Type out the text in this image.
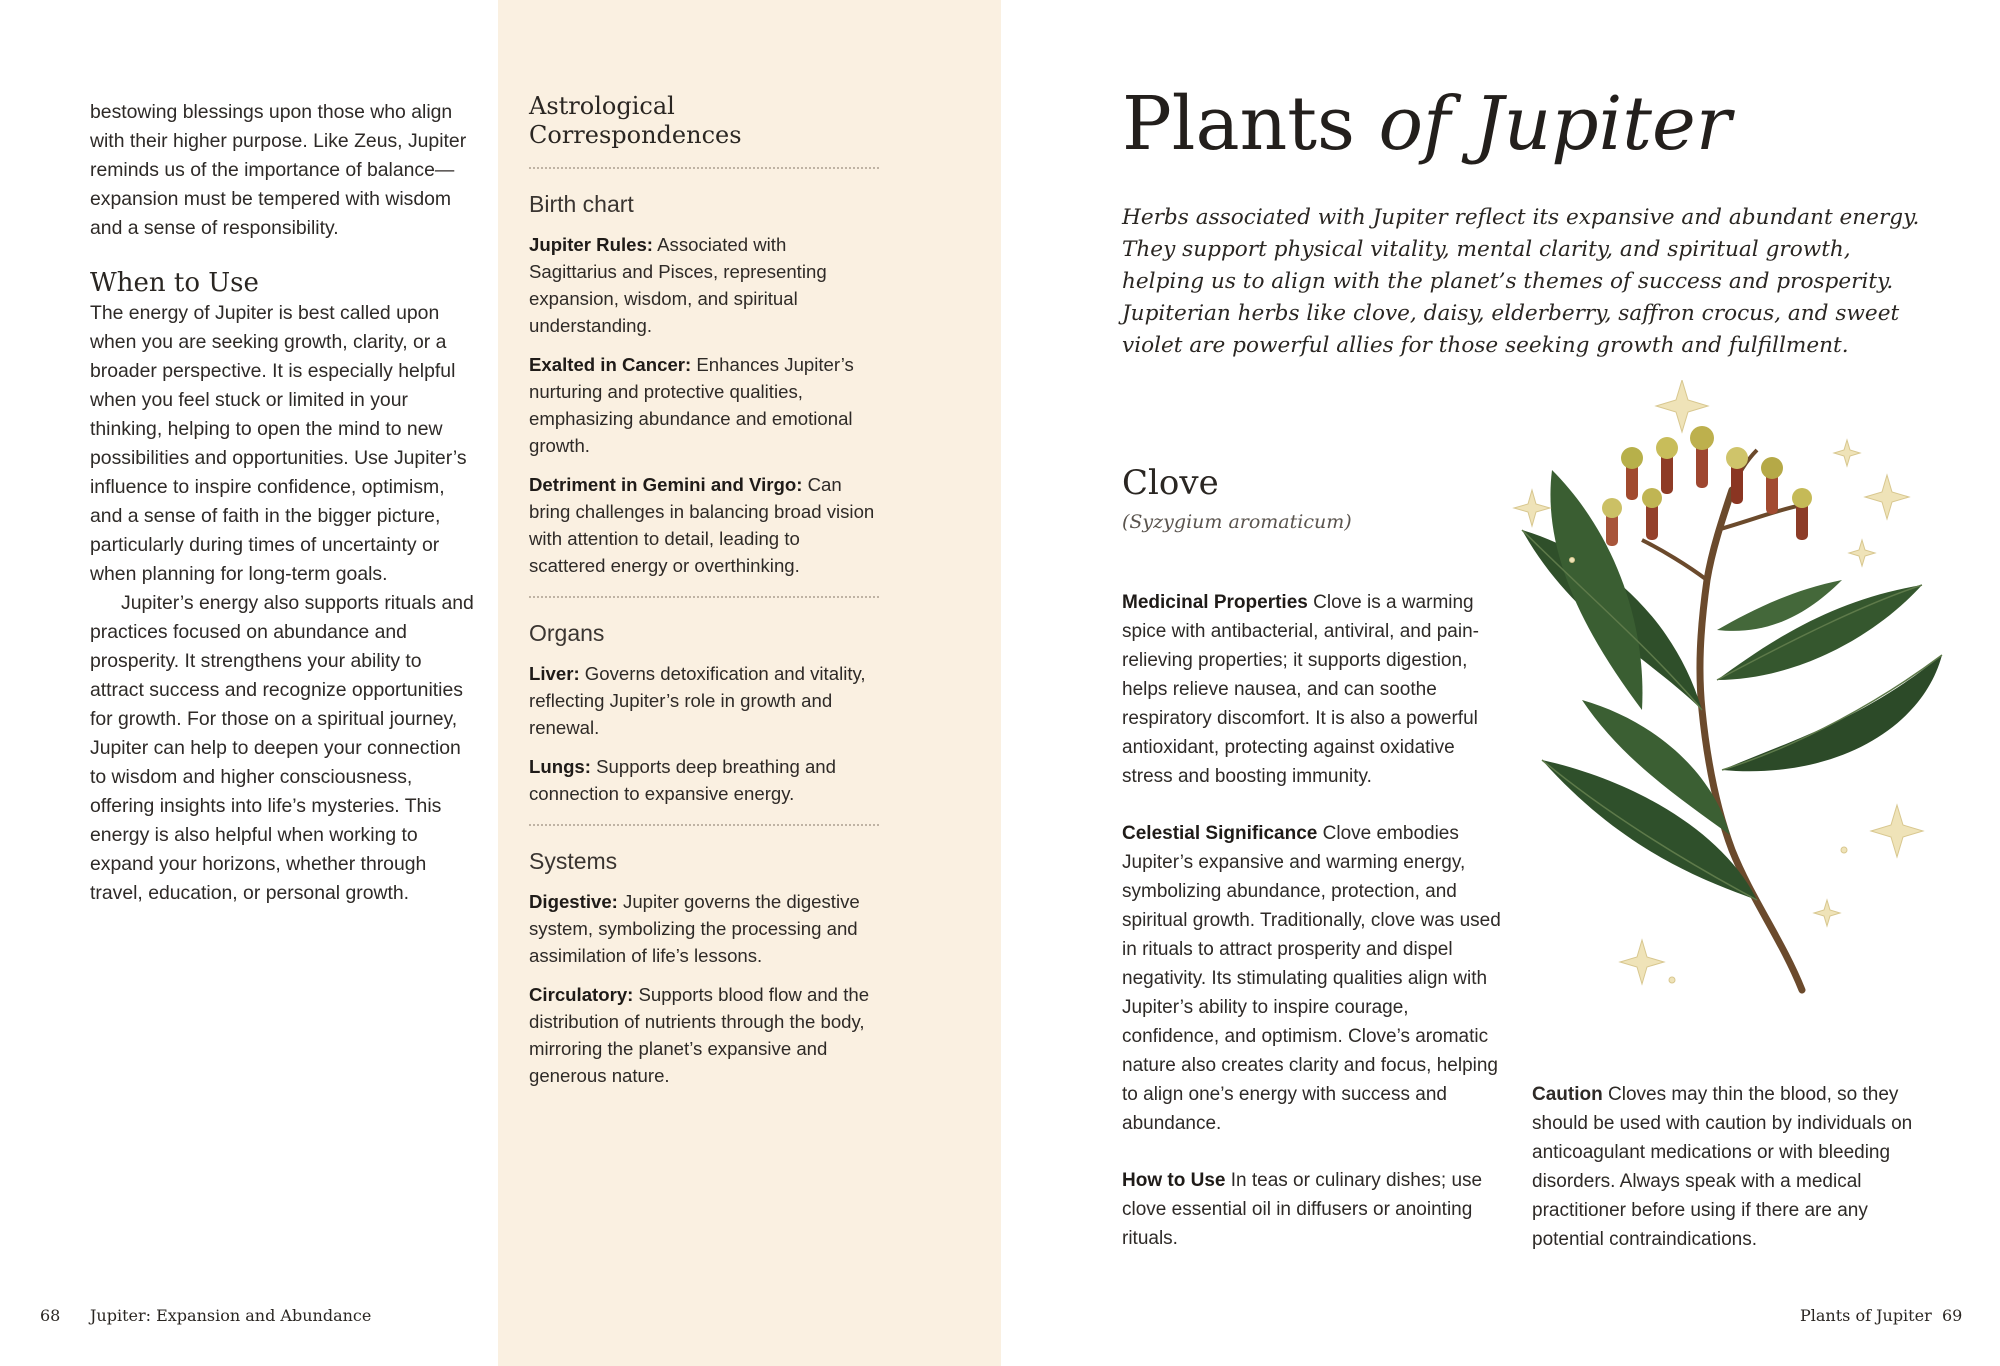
bestowing blessings upon those who align with their higher purpose. Like Zeus, Jupiter reminds us of the importance of balance—expansion must be tempered with wisdom and a sense of responsibility.

When to Use

The energy of Jupiter is best called upon when you are seeking growth, clarity, or a broader perspective. It is especially helpful when you feel stuck or limited in your thinking, helping to open the mind to new possibilities and opportunities. Use Jupiter’s influence to inspire confidence, optimism, and a sense of faith in the bigger picture, particularly during times of uncertainty or when planning for long-term goals.

Jupiter’s energy also supports rituals and practices focused on abundance and prosperity. It strengthens your ability to attract success and recognize opportunities for growth. For those on a spiritual journey, Jupiter can help to deepen your connection to wisdom and higher consciousness, offering insights into life’s mysteries. This energy is also helpful when working to expand your horizons, whether through travel, education, or personal growth.

Astrological
Correspondences
Birth chart

Jupiter Rules: Associated with Sagittarius and Pisces, representing expansion, wisdom, and spiritual understanding.

Exalted in Cancer: Enhances Jupiter’s nurturing and protective qualities, emphasizing abundance and emotional growth.

Detriment in Gemini and Virgo: Can bring challenges in balancing broad vision with attention to detail, leading to scattered energy or overthinking.

Organs

Liver: Governs detoxification and vitality, reflecting Jupiter’s role in growth and renewal.

Lungs: Supports deep breathing and connection to expansive energy.

Systems

Digestive: Jupiter governs the digestive system, symbolizing the processing and assimilation of life’s lessons.

Circulatory: Supports blood flow and the distribution of nutrients through the body, mirroring the planet’s expansive and generous nature.

Plants of Jupiter

Herbs associated with Jupiter reflect its expansive and abundant energy. They support physical vitality, mental clarity, and spiritual growth, helping us to align with the planet’s themes of success and prosperity. Jupiterian herbs like clove, daisy, elderberry, saffron crocus, and sweet violet are powerful allies for those seeking growth and fulfillment.

Clove
(Syzygium aromaticum)

Medicinal Properties Clove is a warming spice with antibacterial, antiviral, and pain-relieving properties; it supports digestion, helps relieve nausea, and can soothe respiratory discomfort. It is also a powerful antioxidant, protecting against oxidative stress and boosting immunity.

Celestial Significance Clove embodies Jupiter’s expansive and warming energy, symbolizing abundance, protection, and spiritual growth. Traditionally, clove was used in rituals to attract prosperity and dispel negativity. Its stimulating qualities align with Jupiter’s ability to inspire courage, confidence, and optimism. Clove’s aromatic nature also creates clarity and focus, helping to align one’s energy with success and abundance.

How to Use In teas or culinary dishes; use clove essential oil in diffusers or anointing rituals.

Caution Cloves may thin the blood, so they should be used with caution by individuals on anticoagulant medications or with bleeding disorders. Always speak with a medical practitioner before using if there are any potential contraindications.

68 Jupiter: Expansion and Abundance	Plants of Jupiter 69
